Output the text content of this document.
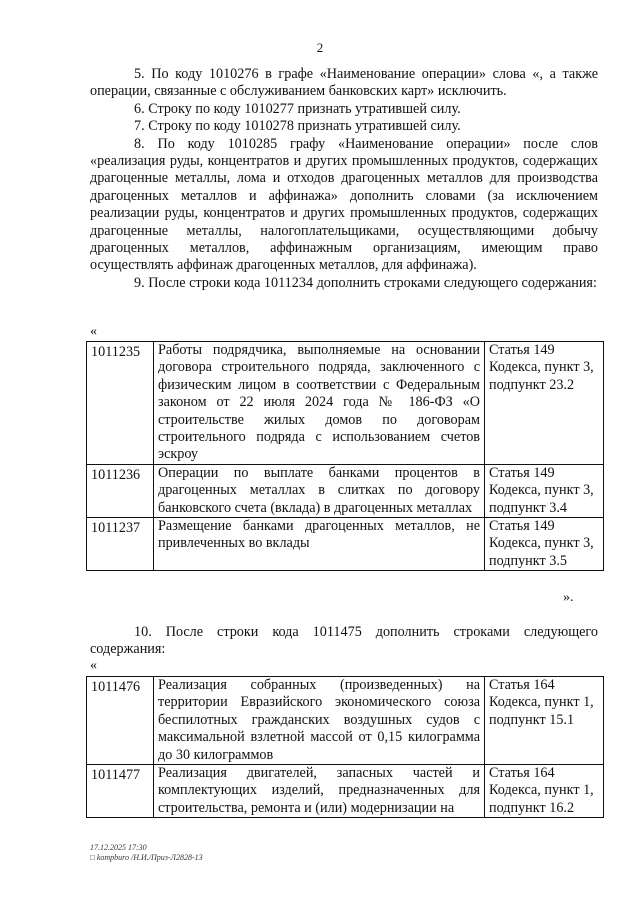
2

5. По коду 1010276 в графе «Наименование операции» слова «, а также операции, связанные с обслуживанием банковских карт» исключить.

6. Строку по коду 1010277 признать утратившей силу.

7. Строку по коду 1010278 признать утратившей силу.

8. По коду 1010285 графу «Наименование операции» после слов «реализация руды, концентратов и других промышленных продуктов, содержащих драгоценные металлы, лома и отходов драгоценных металлов для производства драгоценных металлов и аффинажа» дополнить словами (за исключением реализации руды, концентратов и других промышленных продуктов, содержащих драгоценные металлы, налогоплательщиками, осуществляющими добычу драгоценных металлов, аффинажным организациям, имеющим право осуществлять аффинаж драгоценных металлов, для аффинажа).

9. После строки кода 1011234 дополнить строками следующего содержания:

«
1011235	Работы подрядчика, выполняемые на основании договора строительного подряда, заключенного с физическим лицом в соответствии с Федеральным законом от 22 июля 2024 года № 186-ФЗ «О строительстве жилых домов по договорам строительного подряда с использованием счетов эскроу	Статья 149 Кодекса, пункт 3, подпункт 23.2
1011236	Операции по выплате банками процентов в драгоценных металлах в слитках по договору банковского счета (вклада) в драгоценных металлах	Статья 149 Кодекса, пункт 3, подпункт 3.4
1011237	Размещение банками драгоценных металлов, не привлеченных во вклады	Статья 149 Кодекса, пункт 3, подпункт 3.5
».

10. После строки кода 1011475 дополнить строками следующего содержания:

«
1011476	Реализация собранных (произведенных) на территории Евразийского экономического союза беспилотных гражданских воздушных судов с максимальной взлетной массой от 0,15 килограмма до 30 килограммов	Статья 164 Кодекса, пункт 1, подпункт 15.1
1011477	Реализация двигателей, запасных частей и комплектующих изделий, предназначенных для строительства, ремонта и (или) модернизации на	Статья 164 Кодекса, пункт 1, подпункт 16.2
17.12.2025 17:30
□ kompburo /Н.И./Приз-Л2828-13
